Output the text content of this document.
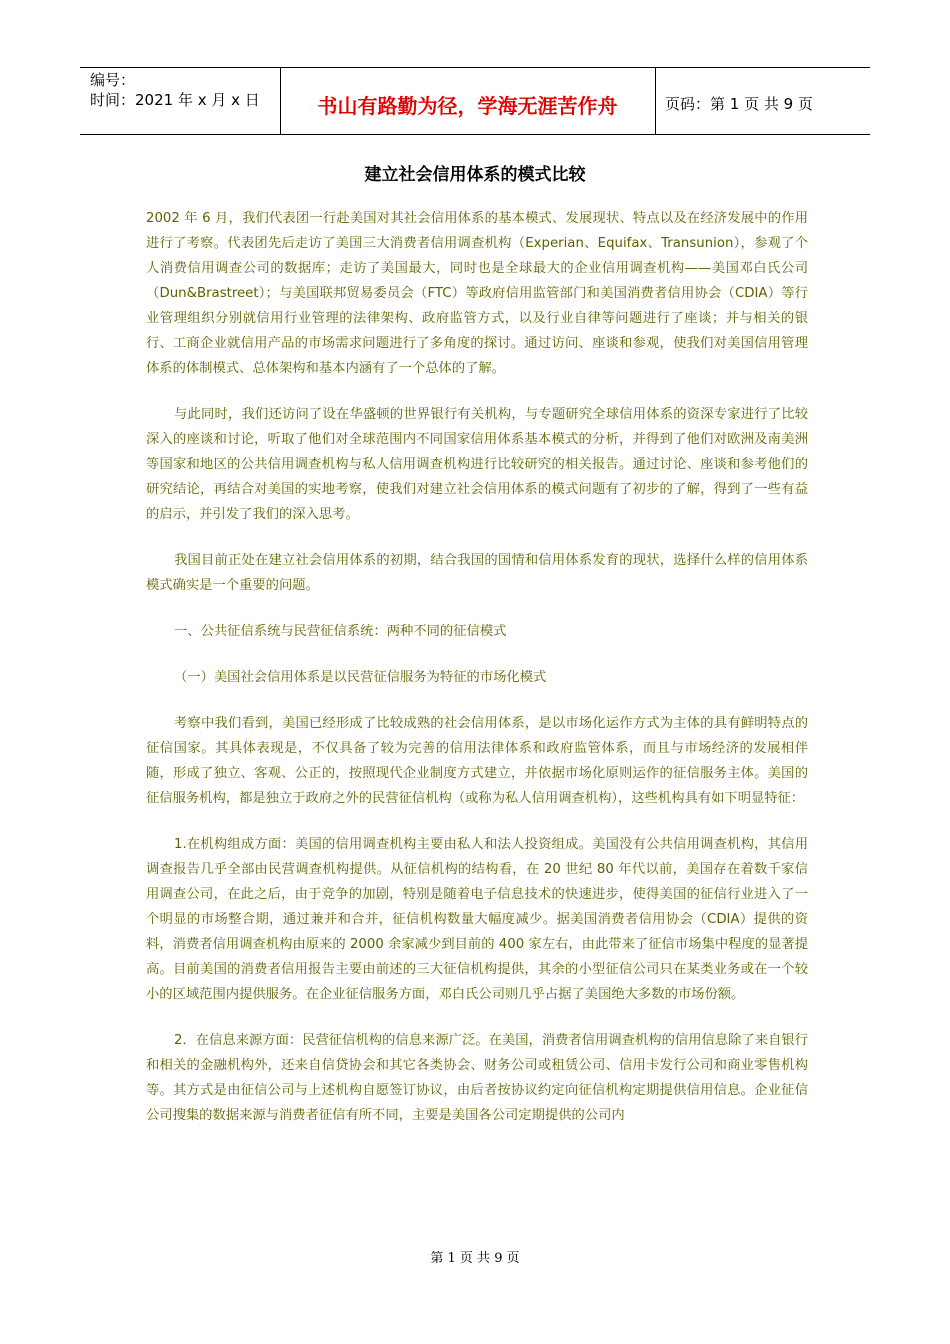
编号：
时间：2021 年 x 月 x 日	书山有路勤为径，学海无涯苦作舟	页码：第 1 页 共 9 页
建立社会信用体系的模式比较

2002 年 6 月，我们代表团一行赴美国对其社会信用体系的基本模式、发展现状、特点以及在经济发展中的作用进行了考察。代表团先后走访了美国三大消费者信用调查机构（Experian、Equifax、Transunion），参观了个人消费信用调查公司的数据库；走访了美国最大，同时也是全球最大的企业信用调查机构——美国邓白氏公司（Dun&Brastreet）；与美国联邦贸易委员会（FTC）等政府信用监管部门和美国消费者信用协会（CDIA）等行业管理组织分别就信用行业管理的法律架构、政府监管方式，以及行业自律等问题进行了座谈；并与相关的银行、工商企业就信用产品的市场需求问题进行了多角度的探讨。通过访问、座谈和参观，使我们对美国信用管理体系的体制模式、总体架构和基本内涵有了一个总体的了解。

与此同时，我们还访问了设在华盛顿的世界银行有关机构，与专题研究全球信用体系的资深专家进行了比较深入的座谈和讨论，听取了他们对全球范围内不同国家信用体系基本模式的分析，并得到了他们对欧洲及南美洲等国家和地区的公共信用调查机构与私人信用调查机构进行比较研究的相关报告。通过讨论、座谈和参考他们的研究结论，再结合对美国的实地考察，使我们对建立社会信用体系的模式问题有了初步的了解，得到了一些有益的启示，并引发了我们的深入思考。

我国目前正处在建立社会信用体系的初期，结合我国的国情和信用体系发育的现状，选择什么样的信用体系模式确实是一个重要的问题。

一、公共征信系统与民营征信系统：两种不同的征信模式

（一）美国社会信用体系是以民营征信服务为特征的市场化模式

考察中我们看到，美国已经形成了比较成熟的社会信用体系，是以市场化运作方式为主体的具有鲜明特点的征信国家。其具体表现是，不仅具备了较为完善的信用法律体系和政府监管体系，而且与市场经济的发展相伴随，形成了独立、客观、公正的，按照现代企业制度方式建立，并依据市场化原则运作的征信服务主体。美国的征信服务机构，都是独立于政府之外的民营征信机构（或称为私人信用调查机构），这些机构具有如下明显特征：

1.在机构组成方面：美国的信用调查机构主要由私人和法人投资组成。美国没有公共信用调查机构，其信用调查报告几乎全部由民营调查机构提供。从征信机构的结构看，在 20 世纪 80 年代以前，美国存在着数千家信用调查公司，在此之后，由于竞争的加剧，特别是随着电子信息技术的快速进步，使得美国的征信行业进入了一个明显的市场整合期，通过兼并和合并，征信机构数量大幅度减少。据美国消费者信用协会（CDIA）提供的资料，消费者信用调查机构由原来的 2000 余家减少到目前的 400 家左右，由此带来了征信市场集中程度的显著提高。目前美国的消费者信用报告主要由前述的三大征信机构提供，其余的小型征信公司只在某类业务或在一个较小的区域范围内提供服务。在企业征信服务方面，邓白氏公司则几乎占据了美国绝大多数的市场份额。

2．在信息来源方面：民营征信机构的信息来源广泛。在美国，消费者信用调查机构的信用信息除了来自银行和相关的金融机构外，还来自信贷协会和其它各类协会、财务公司或租赁公司、信用卡发行公司和商业零售机构等。其方式是由征信公司与上述机构自愿签订协议，由后者按协议约定向征信机构定期提供信用信息。企业征信公司搜集的数据来源与消费者征信有所不同，主要是美国各公司定期提供的公司内

第 1 页 共 9 页
